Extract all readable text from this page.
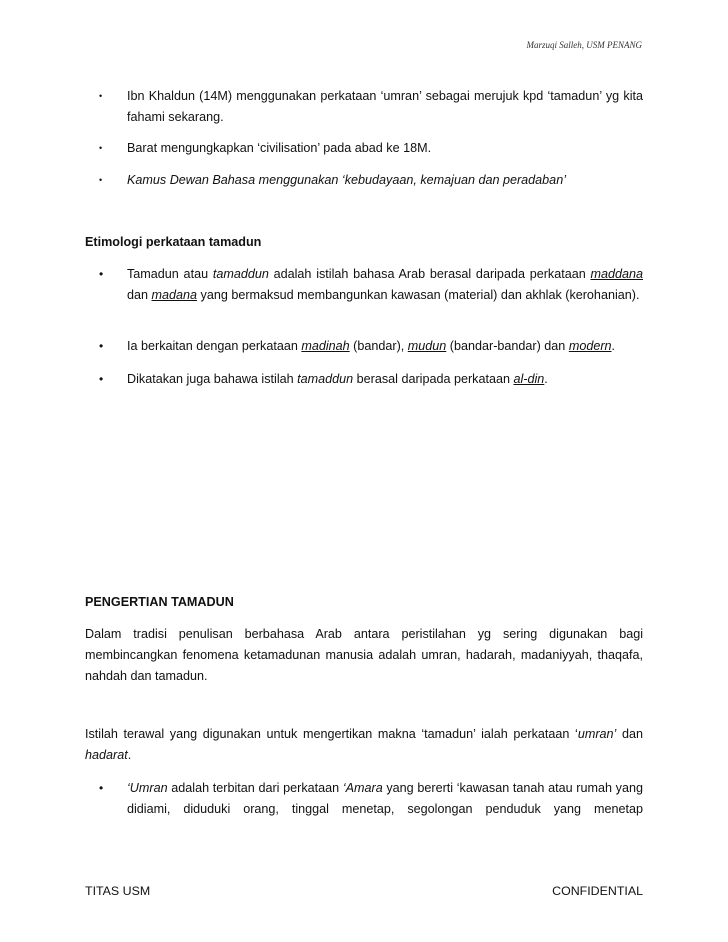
Marzuqi Salleh, USM PENANG
• Ibn Khaldun (14M) menggunakan perkataan ‘umran’ sebagai merujuk kpd ‘tamadun’ yg kita fahami sekarang.
• Barat mengungkapkan ‘civilisation’ pada abad ke 18M.
• Kamus Dewan Bahasa menggunakan ‘kebudayaan, kemajuan dan peradaban’
Etimologi perkataan tamadun
• Tamadun atau tamaddun adalah istilah bahasa Arab berasal daripada perkataan maddana dan madana yang bermaksud membangunkan kawasan (material) dan akhlak (kerohanian).
• Ia berkaitan dengan perkataan madinah (bandar), mudun (bandar-bandar) dan modern.
• Dikatakan juga bahawa istilah tamaddun berasal daripada perkataan al-din.
PENGERTIAN TAMADUN
Dalam tradisi penulisan berbahasa Arab antara peristilahan yg sering digunakan bagi membincangkan fenomena ketamadunan manusia adalah umran, hadarah, madaniyyah, thaqafa, nahdah dan tamadun.
Istilah terawal yang digunakan untuk mengertikan makna ‘tamadun’ ialah perkataan ‘umran’ dan hadarat.
• ‘Umran adalah terbitan dari perkataan ‘Amara yang bererti ‘kawasan tanah atau rumah yang didiami, diduduki orang, tinggal menetap, segolongan penduduk yang menetap
TITAS USM	CONFIDENTIAL
